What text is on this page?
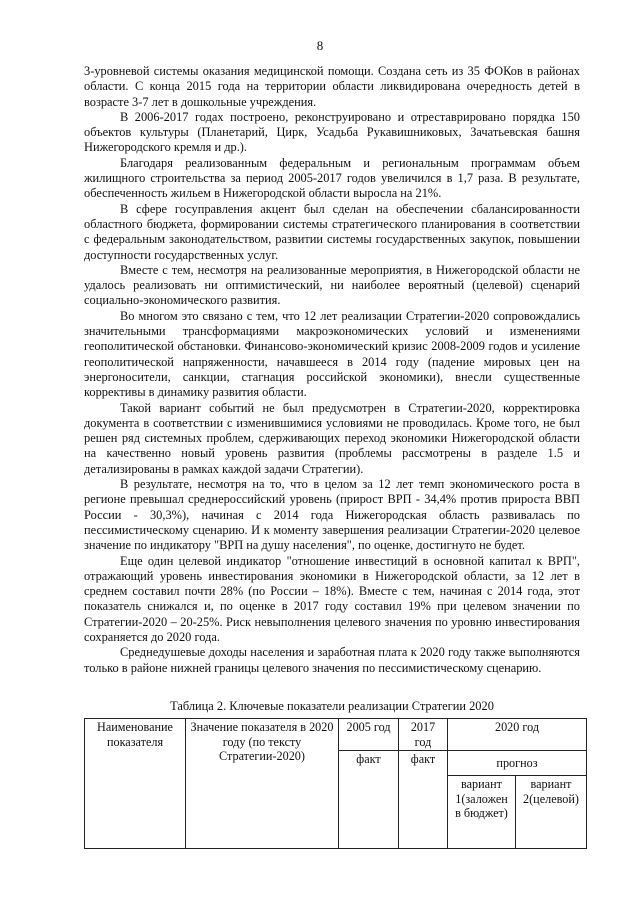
8

3-уровневой системы оказания медицинской помощи. Создана сеть из 35 ФОКов в районах области. С конца 2015 года на территории области ликвидирована очередность детей в возрасте 3-7 лет в дошкольные учреждения.

В 2006-2017 годах построено, реконструировано и отреставрировано порядка 150 объектов культуры (Планетарий, Цирк, Усадьба Рукавишниковых, Зачатьевская башня Нижегородского кремля и др.).

Благодаря реализованным федеральным и региональным программам объем жилищного строительства за период 2005-2017 годов увеличился в 1,7 раза. В результате, обеспеченность жильем в Нижегородской области выросла на 21%.

В сфере госуправления акцент был сделан на обеспечении сбалансированности областного бюджета, формировании системы стратегического планирования в соответствии с федеральным законодательством, развитии системы государственных закупок, повышении доступности государственных услуг.

Вместе с тем, несмотря на реализованные мероприятия, в Нижегородской области не удалось реализовать ни оптимистический, ни наиболее вероятный (целевой) сценарий социально-экономического развития.

Во многом это связано с тем, что 12 лет реализации Стратегии-2020 сопровождались значительными трансформациями макроэкономических условий и изменениями геополитической обстановки. Финансово-экономический кризис 2008-2009 годов и усиление геополитической напряженности, начавшееся в 2014 году (падение мировых цен на энергоносители, санкции, стагнация российской экономики), внесли существенные коррективы в динамику развития области.

Такой вариант событий не был предусмотрен в Стратегии-2020, корректировка документа в соответствии с изменившимися условиями не проводилась. Кроме того, не был решен ряд системных проблем, сдерживающих переход экономики Нижегородской области на качественно новый уровень развития (проблемы рассмотрены в разделе 1.5 и детализированы в рамках каждой задачи Стратегии).

В результате, несмотря на то, что в целом за 12 лет темп экономического роста в регионе превышал среднероссийский уровень (прирост ВРП - 34,4% против прироста ВВП России - 30,3%), начиная с 2014 года Нижегородская область развивалась по пессимистическому сценарию. И к моменту завершения реализации Стратегии-2020 целевое значение по индикатору "ВРП на душу населения", по оценке, достигнуто не будет.

Еще один целевой индикатор "отношение инвестиций в основной капитал к ВРП", отражающий уровень инвестирования экономики в Нижегородской области, за 12 лет в среднем составил почти 28% (по России – 18%). Вместе с тем, начиная с 2014 года, этот показатель снижался и, по оценке в 2017 году составил 19% при целевом значении по Стратегии-2020 – 20-25%. Риск невыполнения целевого значения по уровню инвестирования сохраняется до 2020 года.

Среднедушевые доходы населения и заработная плата к 2020 году также выполняются только в районе нижней границы целевого значения по пессимистическому сценарию.

Таблица 2. Ключевые показатели реализации Стратегии 2020
Наименование показателя	Значение показателя в 2020 году (по тексту Стратегии-2020)	2005 год	2017 год	2020 год	
		факт	факт	прогноз	
				вариант 1(заложен в бюджет)	вариант 2(целевой)
